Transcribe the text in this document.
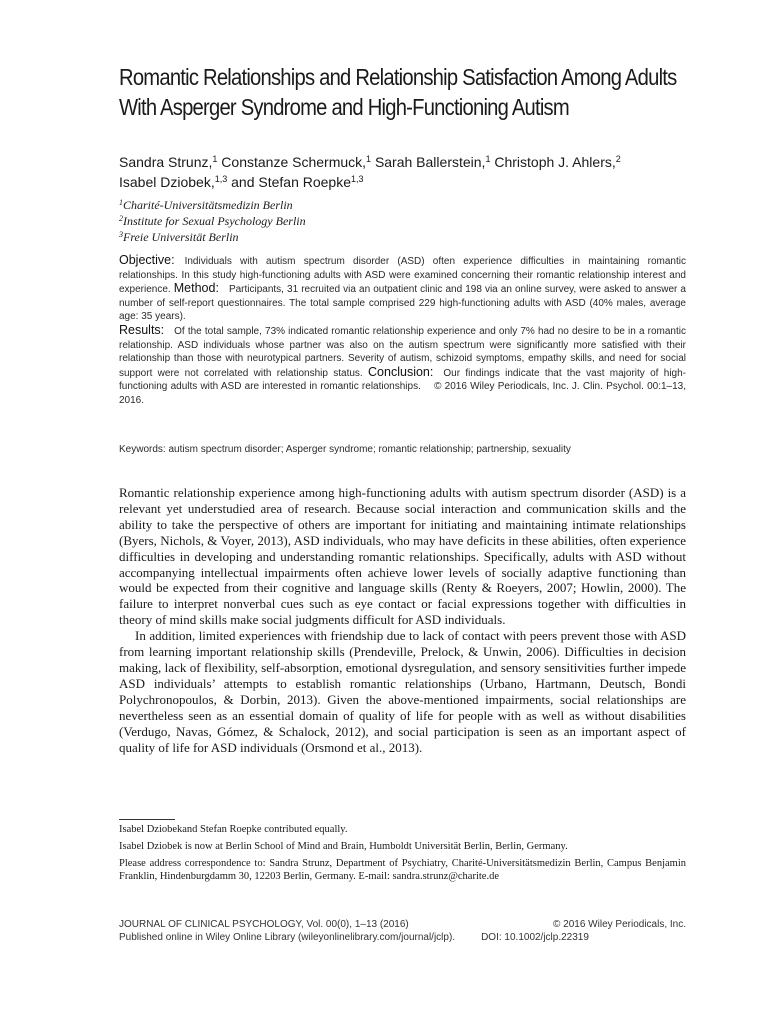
Romantic Relationships and Relationship Satisfaction Among Adults
With Asperger Syndrome and High-Functioning Autism
Sandra Strunz,$^1$ Constanze Schermuck,$^1$ Sarah Ballerstein,$^1$ Christoph J. Ahlers,$^2$
Isabel Dziobek,$^{1,3}$ and Stefan Roepke$^{1,3}$
$^1$Charité-Universitätsmedizin Berlin
$^2$Institute for Sexual Psychology Berlin
$^3$Freie Universität Berlin
Objective: Individuals with autism spectrum disorder (ASD) often experience difficulties in maintaining romantic relationships. In this study high-functioning adults with ASD were examined concerning their romantic relationship interest and experience. Method: Participants, 31 recruited via an outpatient clinic and 198 via an online survey, were asked to answer a number of self-report questionnaires. The total sample comprised 229 high-functioning adults with ASD (40% males, average age: 35 years).
Results: Of the total sample, 73% indicated romantic relationship experience and only 7% had no desire to be in a romantic relationship. ASD individuals whose partner was also on the autism spectrum were significantly more satisfied with their relationship than those with neurotypical partners. Severity of autism, schizoid symptoms, empathy skills, and need for social support were not correlated with relationship status. Conclusion: Our findings indicate that the vast majority of high-functioning adults with ASD are interested in romantic relationships. © 2016 Wiley Periodicals, Inc. J. Clin. Psychol. 00:1–13, 2016.
Keywords: autism spectrum disorder; Asperger syndrome; romantic relationship; partnership, sexuality

Romantic relationship experience among high-functioning adults with autism spectrum disorder (ASD) is a relevant yet understudied area of research. Because social interaction and communication skills and the ability to take the perspective of others are important for initiating and maintaining intimate relationships (Byers, Nichols, & Voyer, 2013), ASD individuals, who may have deficits in these abilities, often experience difficulties in developing and understanding romantic relationships. Specifically, adults with ASD without accompanying intellectual impairments often achieve lower levels of socially adaptive functioning than would be expected from their cognitive and language skills (Renty & Roeyers, 2007; Howlin, 2000). The failure to interpret nonverbal cues such as eye contact or facial expressions together with difficulties in theory of mind skills make social judgments difficult for ASD individuals.

In addition, limited experiences with friendship due to lack of contact with peers prevent those with ASD from learning important relationship skills (Prendeville, Prelock, & Unwin, 2006). Difficulties in decision making, lack of flexibility, self-absorption, emotional dysregulation, and sensory sensitivities further impede ASD individuals’ attempts to establish romantic relationships (Urbano, Hartmann, Deutsch, Bondi Polychronopoulos, & Dorbin, 2013). Given the above-mentioned impairments, social relationships are nevertheless seen as an essential domain of quality of life for people with as well as without disabilities (Verdugo, Navas, Gómez, & Schalock, 2012), and social participation is seen as an important aspect of quality of life for ASD individuals (Orsmond et al., 2013).

Isabel Dziobekand Stefan Roepke contributed equally.

Isabel Dziobek is now at Berlin School of Mind and Brain, Humboldt Universität Berlin, Berlin, Germany.

Please address correspondence to: Sandra Strunz, Department of Psychiatry, Charité-Universitätsmedizin Berlin, Campus Benjamin Franklin, Hindenburgdamm 30, 12203 Berlin, Germany. E-mail: sandra.strunz@charite.de

JOURNAL OF CLINICAL PSYCHOLOGY, Vol. 00(0), 1–13 (2016)	© 2016 Wiley Periodicals, Inc.
Published online in Wiley Online Library (wileyonlinelibrary.com/journal/jclp).	DOI: 10.1002/jclp.22319
